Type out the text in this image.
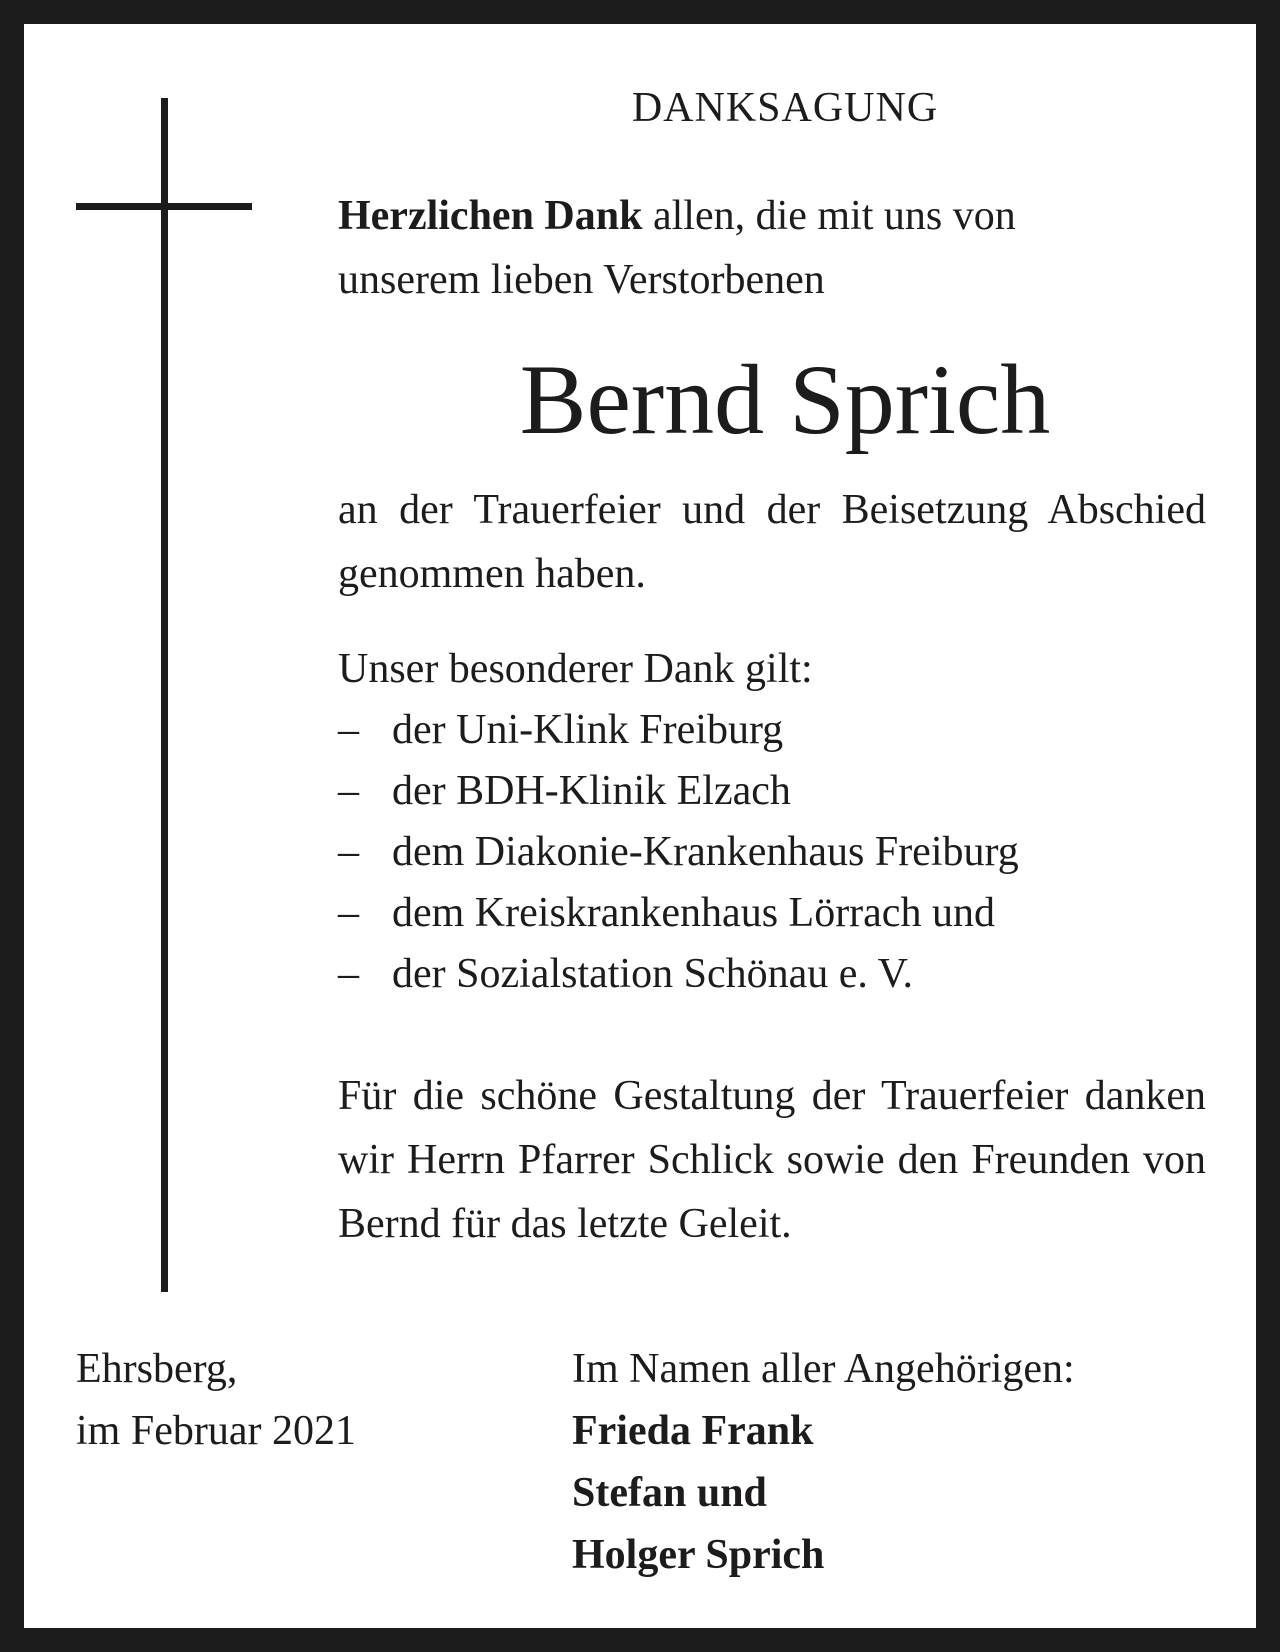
DANKSAGUNG
Herzlichen Dank allen, die mit uns von
unserem lieben Verstorbenen
Bernd Sprich
an der Trauerfeier und der Beisetzung Abschied genommen haben.
Unser besonderer Dank gilt:
– der Uni-Klink Freiburg
– der BDH-Klinik Elzach
– dem Diakonie-Krankenhaus Freiburg
– dem Kreiskrankenhaus Lörrach und
– der Sozialstation Schönau e. V.
Für die schöne Gestaltung der Trauerfeier danken wir Herrn Pfarrer Schlick sowie den Freunden von Bernd für das letzte Geleit.
Ehrsberg,
im Februar 2021
Im Namen aller Angehörigen:
Frieda Frank
Stefan und
Holger Sprich
